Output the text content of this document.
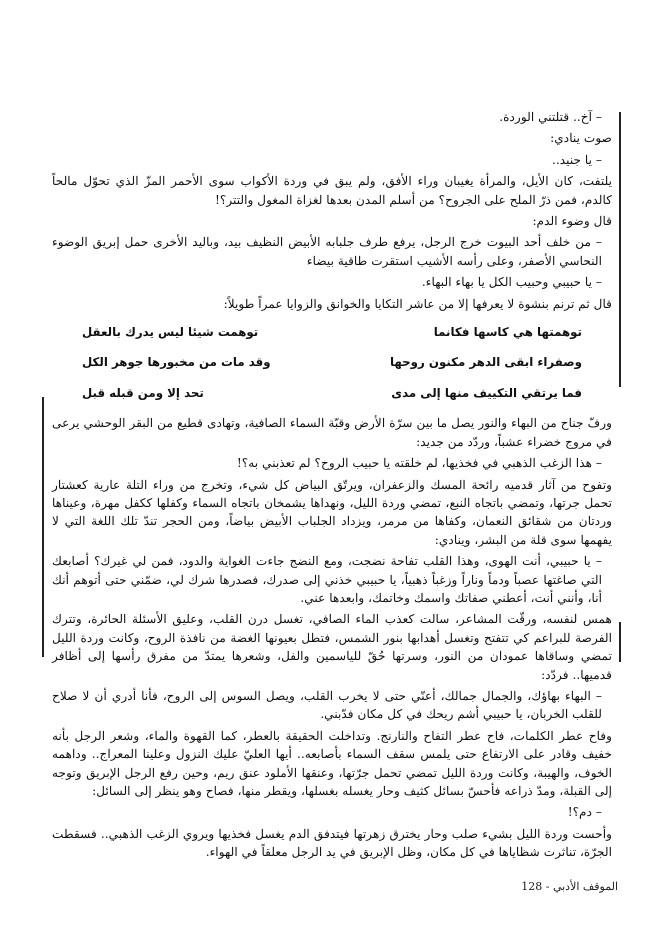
– آخ.. قتلتني الوردة.

صوت ينادي:

– يا جنيد..

يلتفت، كان الأيل، والمرأة يغيبان وراء الأفق، ولم يبق في وردة الأكواب سوى الأحمر المزّ الذي تحوّل مالحاً كالدم، فمن ذرّ الملح على الجروح؟ من أسلم المدن بعدها لغزاة المغول والتتر؟!

قال وضوء الدم:

– من خلف أحد البيوت خرج الرجل، يرفع طرف جلبابه الأبيض النظيف بيد، وباليد الأخرى حمل إبريق الوضوء النحاسي الأصفر، وعلى رأسه الأشيب استقرت طاقية بيضاء

– يا حبيبي وحبيب الكل يا بهاء البهاء.

قال ثم ترنم بنشوة لا يعرفها إلا من عاشر التكايا والخوانق والزوايا عمراً طويلاً:

توهمتها هي كاسها فكانما
توهمت شيئا ليس يدرك بالعقل
وصفراء ابقى الدهر مكنون روحها
وقد مات من مخبورها جوهر الكل
فما يرتقي التكييف منها إلى مدى
تحد إلا ومن قبله قبل

ورفّ جناح من البهاء والنور يصل ما بين سرّة الأرض وقبّة السماء الصافية، وتهادى قطيع من البقر الوحشي يرعى في مروج خضراء عشباً، وردّد من جديد:

– هذا الزغب الذهبي في فخذيها، لم خلقته يا حبيب الروح؟ لم تعذبني به؟!

وتفوح من آثار قدميه رائحة المسك والزعفران، ويرتّق البياض كل شيء، وتخرج من وراء التلة عارية كعشتار تحمل جرتها، وتمضي باتجاه النبع، تمضي وردة الليل، ونهداها يشمخان باتجاه السماء وكفلها ككفل مهرة، وعيناها وردتان من شقائق النعمان، وكفاها من مرمر، ويزداد الجلباب الأبيض بياضاً، ومن الحجر تندّ تلك اللغة التي لا يفهمها سوى قلة من البشر، وينادي:

– يا حبيبي، أنت الهوى، وهذا القلب تفاحة نضجت، ومع النضج جاءت الغواية والدود، فمن لي غيرك؟ أصابعك التي صاغتها عصباً ودماً وناراً وزغباً ذهبياً، يا حبيبي خذني إلى صدرك، فصدرها شرك لي، ضمّني حتى أتوهم أنك أنا، وأنني أنت، أعطني صفاتك واسمك وخاتمك، وابعدها عني.

همس لنفسه، ورقّت المشاعر، سالت كعذب الماء الصافي، تغسل درن القلب، وعليق الأسئلة الحائرة، وتترك الفرصة للبراعم كي تتفتح وتغسل أهدابها بنور الشمس، فتطل بعيونها الغضة من نافذة الروح، وكانت وردة الليل تمضي وساقاها عمودان من النور، وسرتها حُقّ للياسمين والفل، وشعرها يمتدّ من مفرق رأسها إلى أظافر قدميها.. فردّد:

– البهاء بهاؤك، والجمال جمالك، أعنّي حتى لا يخرب القلب، ويصل السوس إلى الروح، فأنا أدري أن لا صلاح للقلب الخربان، يا حبيبي أشم ريحك في كل مكان فدّبني.

وفاح عطر الكلمات، فاح عطر التفاح والنارنج. وتداخلت الحقيقة بالعطر، كما القهوة والماء، وشعر الرجل بأنه خفيف وقادر على الارتفاع حتى يلمس سقف السماء بأصابعه.. أيها العليّ عليك النزول وعلينا المعراج.. وداهمه الخوف، والهيبة، وكانت وردة الليل تمضي تحمل جرّتها، وعنقها الأملود عنق ريم، وحين رفع الرجل الإبريق وتوجه إلى القبلة، ومدّ ذراعه فأحسّ بسائل كثيف وحار يغسله بغسلها، ويقطر منها، فصاح وهو ينظر إلى السائل:

– دم؟!

وأحست وردة الليل بشيء صلب وحار يخترق زهرتها فيتدفق الدم يغسل فخذيها ويروي الزغب الذهبي.. فسقطت الجرّة، تناثرت شظاياها في كل مكان، وظل الإبريق في يد الرجل معلقاً في الهواء.

الموقف الأدبي - 128
